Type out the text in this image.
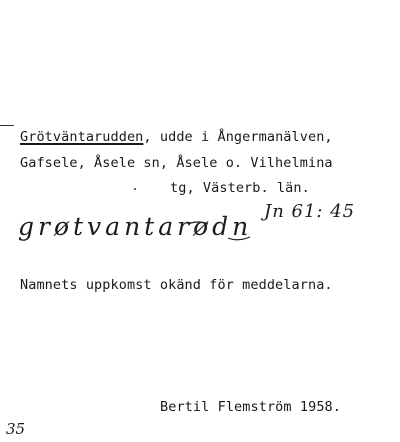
Grötväntarudden, udde i Ångermanälven,
Gafsele, Åsele sn, Åsele o. Vilhelmina
tg, Västerb. län.
grøtvantarødn
Jn 61: 45
Namnets uppkomst okänd för meddelarna.
Bertil Flemström 1958.
35
